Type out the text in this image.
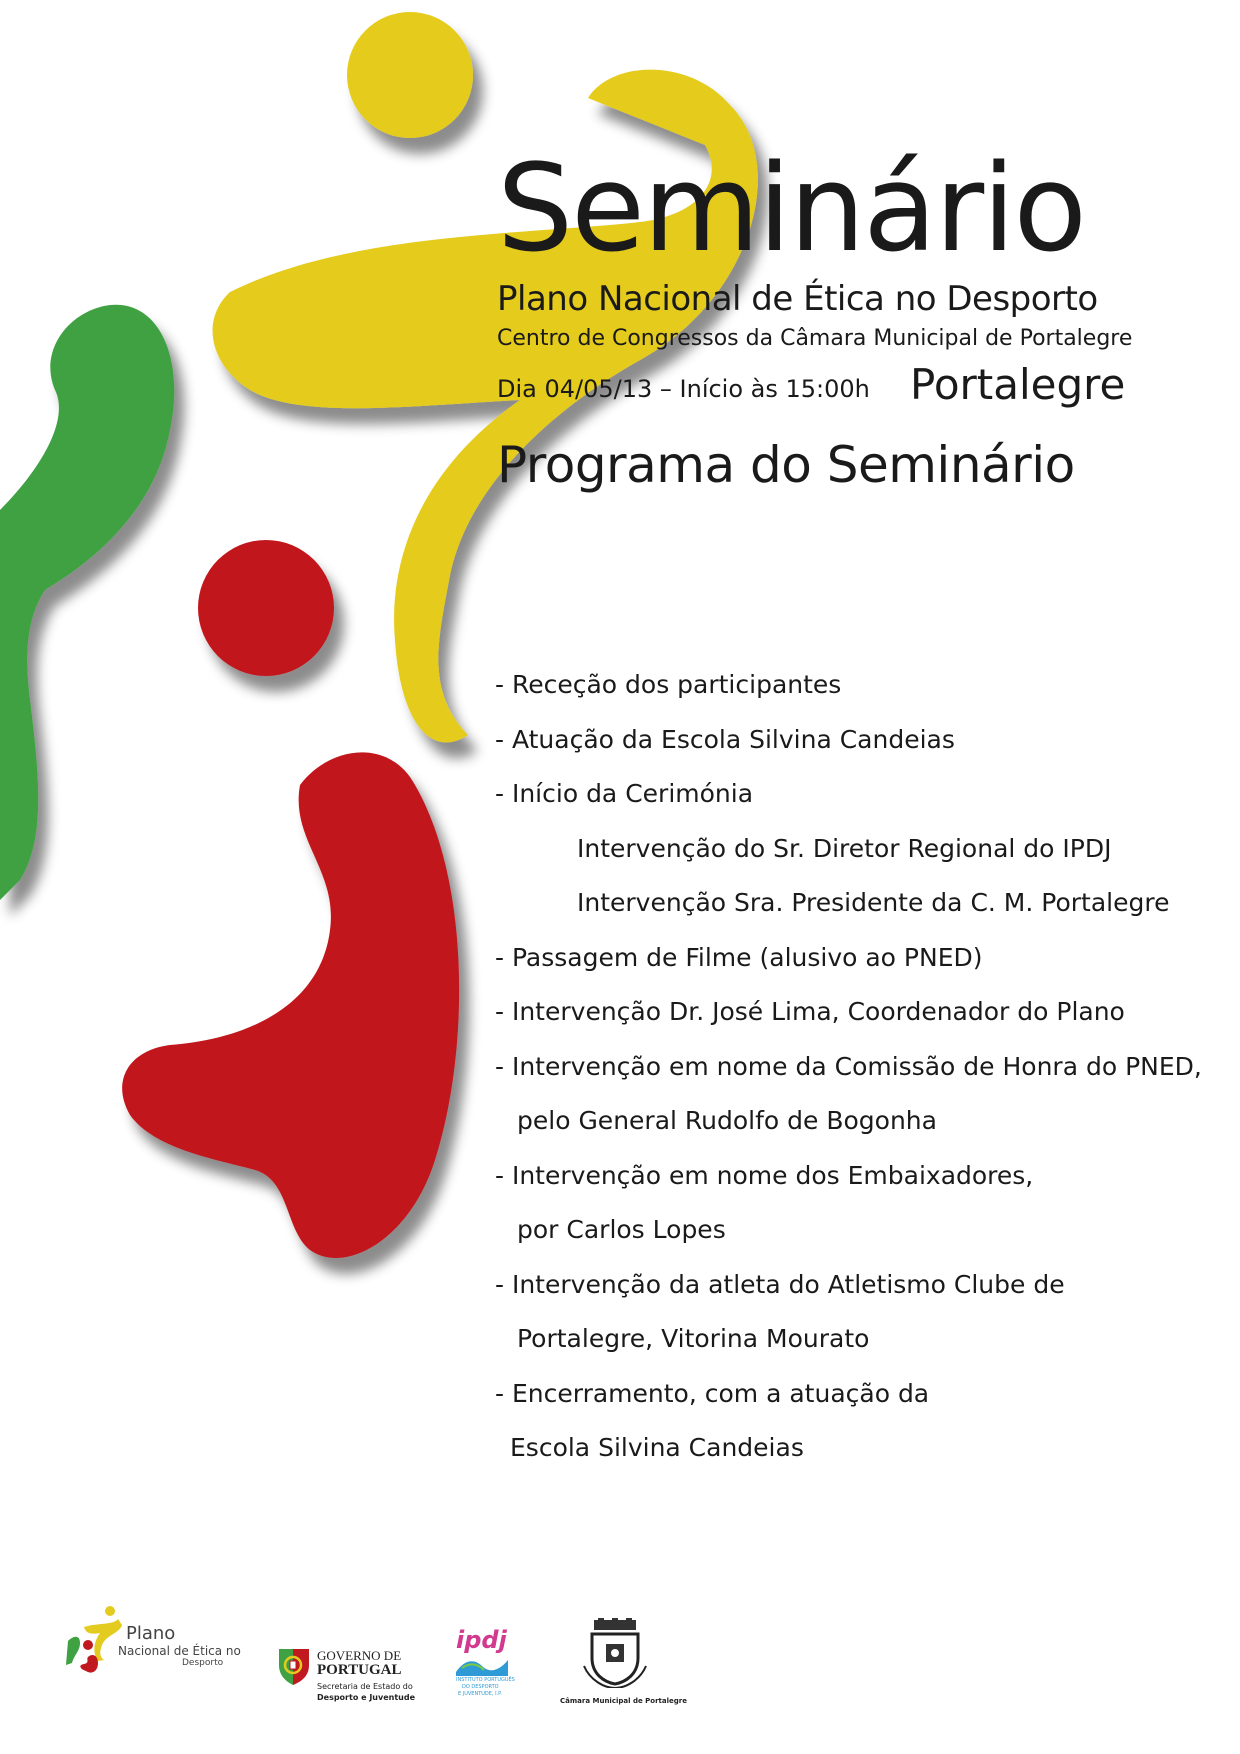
Seminário
Plano Nacional de Ética no Desporto
Centro de Congressos da Câmara Municipal de Portalegre
Dia 04/05/13 – Início às 15:00h Portalegre
Programa do Seminário
- Receção dos participantes
- Atuação da Escola Silvina Candeias
- Início da Cerimónia
Intervenção do Sr. Diretor Regional do IPDJ
Intervenção Sra. Presidente da C. M. Portalegre
- Passagem de Filme (alusivo ao PNED)
- Intervenção Dr. José Lima, Coordenador do Plano
- Intervenção em nome da Comissão de Honra do PNED,
pelo General Rudolfo de Bogonha
- Intervenção em nome dos Embaixadores,
por Carlos Lopes
- Intervenção da atleta do Atletismo Clube de
Portalegre, Vitorina Mourato
- Encerramento, com a atuação da
Escola Silvina Candeias
Plano
Nacional de Ética no
Desporto	GOVERNO DE
PORTUGAL
Secretaria de Estado do
Desporto e Juventude
ipdj
INSTITUTO PORTUGUÊS
DO DESPORTO
E JUVENTUDE, I.P.
Câmara Municipal de Portalegre
